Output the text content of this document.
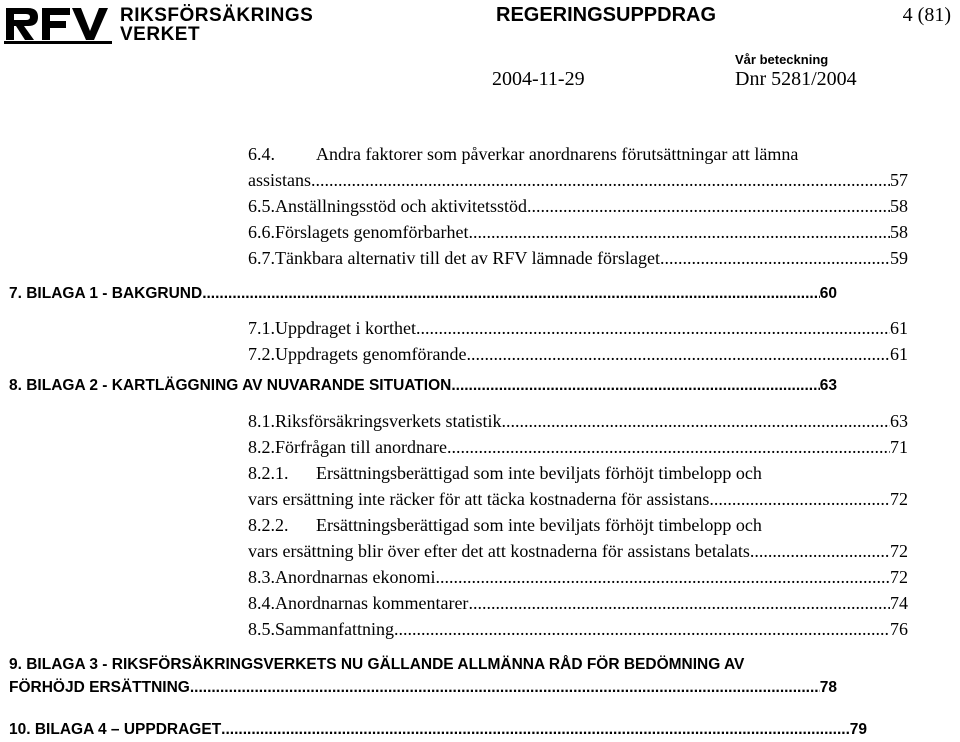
RIKSFÖRSÄKRINGS
VERKET
REGERINGSUPPDRAG	4 (81)
Vår beteckning
2004-11-29	Dnr 5281/2004
6.4.	Andra faktorer som påverkar anordnarens förutsättningar att lämna
assistans .....	57
6.5. Anställningsstöd och aktivitetsstöd .....	58
6.6. Förslagets genomförbarhet .....	58
6.7. Tänkbara alternativ till det av RFV lämnade förslaget .....	59
7. BILAGA 1 - BAKGRUND .....	60
7.1. Uppdraget i korthet .....	61
7.2. Uppdragets genomförande .....	61
8. BILAGA 2 - KARTLÄGGNING AV NUVARANDE SITUATION .....	63
8.1. Riksförsäkringsverkets statistik .....	63
8.2. Förfrågan till anordnare .....	71
8.2.1.	Ersättningsberättigad som inte beviljats förhöjt timbelopp och
vars ersättning inte räcker för att täcka kostnaderna för assistans. .....	72
8.2.2.	Ersättningsberättigad som inte beviljats förhöjt timbelopp och
vars ersättning blir över efter det att kostnaderna för assistans betalats .....	72
8.3. Anordnarnas ekonomi .....	72
8.4. Anordnarnas kommentarer .....	74
8.5. Sammanfattning .....	76
9. BILAGA 3 - RIKSFÖRSÄKRINGSVERKETS NU GÄLLANDE ALLMÄNNA RÅD FÖR BEDÖMNING AV
FÖRHÖJD ERSÄTTNING .....	78
10. BILAGA 4 – UPPDRAGET .....	79
